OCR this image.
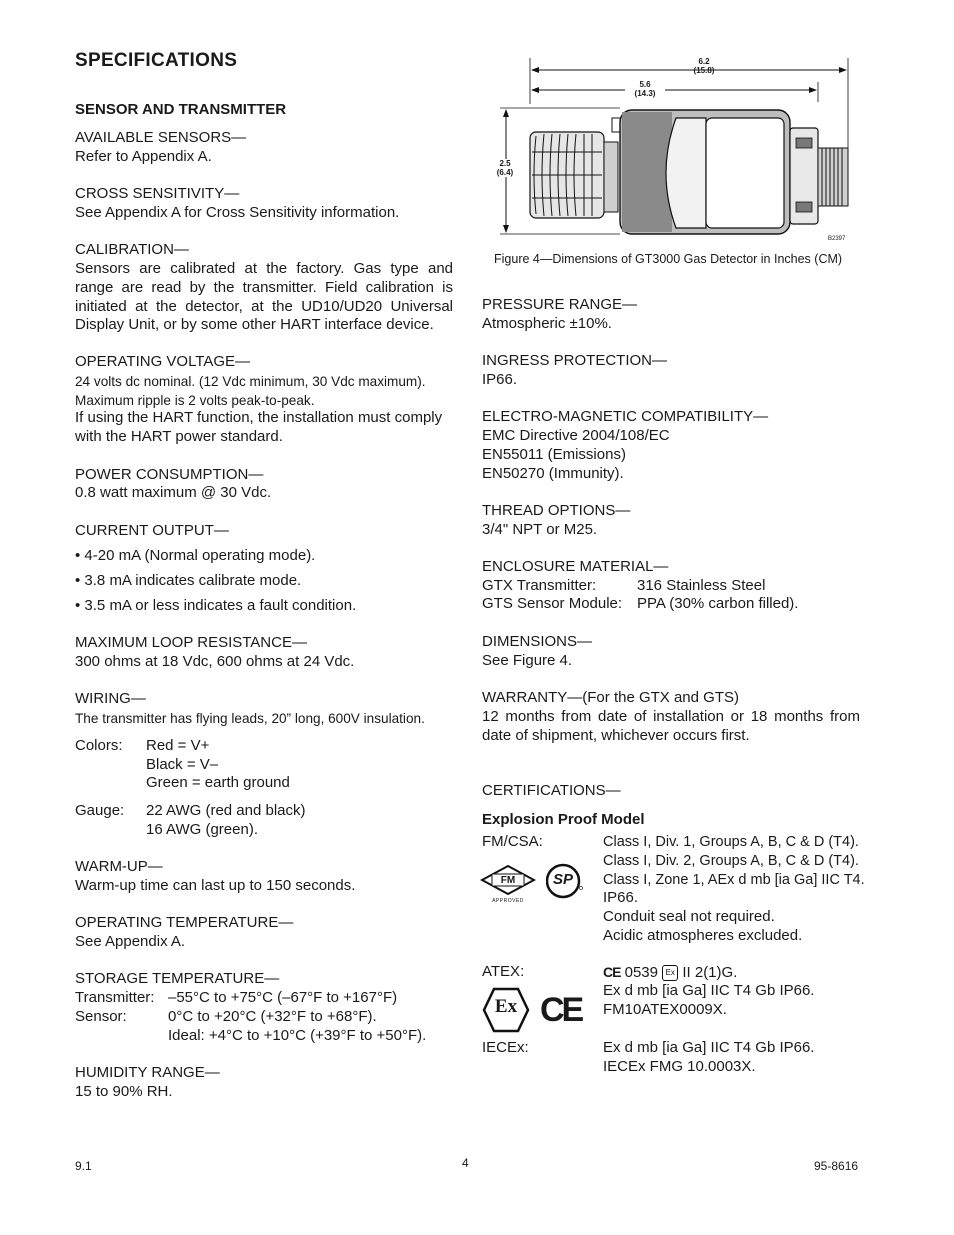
SPECIFICATIONS
SENSOR AND TRANSMITTER
AVAILABLE SENSORS—
Refer to Appendix A.
CROSS SENSITIVITY—
See Appendix A for Cross Sensitivity information.
CALIBRATION—
Sensors are calibrated at the factory. Gas type and
range are read by the transmitter. Field calibration is
initiated at the detector, at the UD10/UD20 Universal
Display Unit, or by some other HART interface device.
OPERATING VOLTAGE—
24 volts dc nominal. (12 Vdc minimum, 30 Vdc maximum).
Maximum ripple is 2 volts peak-to-peak.
If using the HART function, the installation must comply
with the HART power standard.
POWER CONSUMPTION—
0.8 watt maximum @ 30 Vdc.
CURRENT OUTPUT—
• 4-20 mA (Normal operating mode).
• 3.8 mA indicates calibrate mode.
• 3.5 mA or less indicates a fault condition.
MAXIMUM LOOP RESISTANCE—
300 ohms at 18 Vdc, 600 ohms at 24 Vdc.
WIRING—
The transmitter has flying leads, 20” long, 600V insulation.
Colors: Red = V+
Black = V–
Green = earth ground
Gauge: 22 AWG (red and black)
16 AWG (green).
WARM-UP—
Warm-up time can last up to 150 seconds.
OPERATING TEMPERATURE—
See Appendix A.
STORAGE TEMPERATURE—
Transmitter: –55°C to +75°C (–67°F to +167°F)
Sensor:	0°C to +20°C (+32°F to +68°F).
Ideal: +4°C to +10°C (+39°F to +50°F).
HUMIDITY RANGE—
15 to 90% RH.
6.2
(15.8)
5.6
(14.3)
2.5
(6.4)
B2397
Figure 4—Dimensions of GT3000 Gas Detector in Inches (CM)
PRESSURE RANGE—
Atmospheric ±10%.
INGRESS PROTECTION—
IP66.
ELECTRO-MAGNETIC COMPATIBILITY—
EMC Directive 2004/108/EC
EN55011 (Emissions)
EN50270 (Immunity).
THREAD OPTIONS—
3/4" NPT or M25.
ENCLOSURE MATERIAL—
GTX Transmitter:	316 Stainless Steel
GTS Sensor Module: PPA (30% carbon filled).
DIMENSIONS—
See Figure 4.
WARRANTY—(For the GTX and GTS)
12 months from date of installation or 18 months from
date of shipment, whichever occurs first.
CERTIFICATIONS—
Explosion Proof Model
FM/CSA:	Class I, Div. 1, Groups A, B, C & D (T4).
Class I, Div. 2, Groups A, B, C & D (T4).
Class I, Zone 1, AEx d mb [ia Ga] IIC T4.
IP66.
Conduit seal not required.
Acidic atmospheres excluded.
FM
APPROVED
SP
ATEX:	CE 0539 Ex II 2(1)G.
Ex d mb [ia Ga] IIC T4 Gb IP66.
FM10ATEX0009X.
Ex CE
IECEx:	Ex d mb [ia Ga] IIC T4 Gb IP66.
IECEx FMG 10.0003X.
9.1	4	95-8616
